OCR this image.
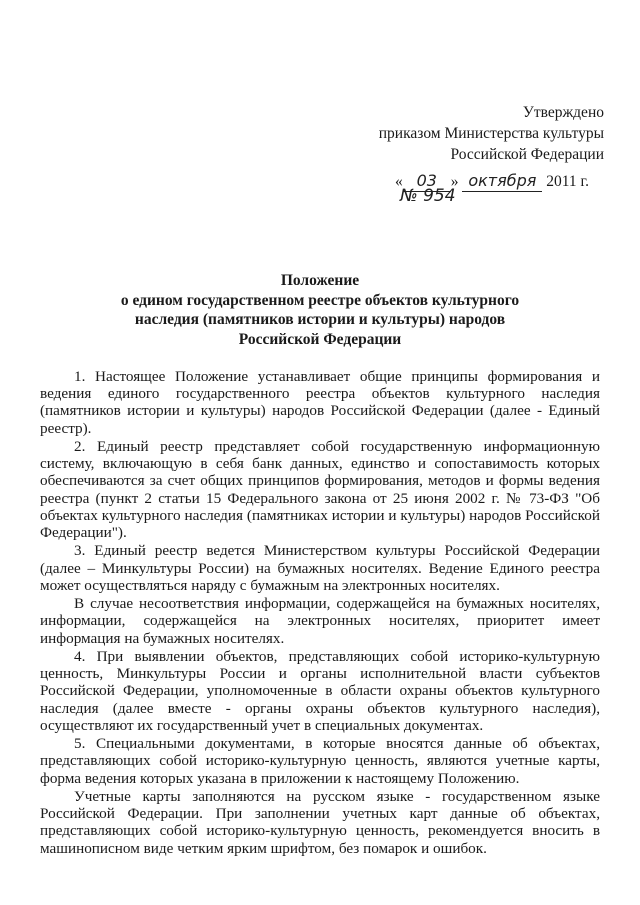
Утверждено
приказом Министерства культуры
Российской Федерации
« 03 » октября 2011 г.
№ 954
Положение
о едином государственном реестре объектов культурного
наследия (памятников истории и культуры) народов
Российской Федерации

1. Настоящее Положение устанавливает общие принципы формирования и ведения единого государственного реестра объектов культурного наследия (памятников истории и культуры) народов Российской Федерации (далее - Единый реестр).

2. Единый реестр представляет собой государственную информационную систему, включающую в себя банк данных, единство и сопоставимость которых обеспечиваются за счет общих принципов формирования, методов и формы ведения реестра (пункт 2 статьи 15 Федерального закона от 25 июня 2002 г. № 73-ФЗ "Об объектах культурного наследия (памятниках истории и культуры) народов Российской Федерации").

3. Единый реестр ведется Министерством культуры Российской Федерации (далее – Минкультуры России) на бумажных носителях. Ведение Единого реестра может осуществляться наряду с бумажным на электронных носителях.

В случае несоответствия информации, содержащейся на бумажных носителях, информации, содержащейся на электронных носителях, приоритет имеет информация на бумажных носителях.

4. При выявлении объектов, представляющих собой историко-культурную ценность, Минкультуры России и органы исполнительной власти субъектов Российской Федерации, уполномоченные в области охраны объектов культурного наследия (далее вместе - органы охраны объектов культурного наследия), осуществляют их государственный учет в специальных документах.

5. Специальными документами, в которые вносятся данные об объектах, представляющих собой историко-культурную ценность, являются учетные карты, форма ведения которых указана в приложении к настоящему Положению.

Учетные карты заполняются на русском языке - государственном языке Российской Федерации. При заполнении учетных карт данные об объектах, представляющих собой историко-культурную ценность, рекомендуется вносить в машинописном виде четким ярким шрифтом, без помарок и ошибок.
